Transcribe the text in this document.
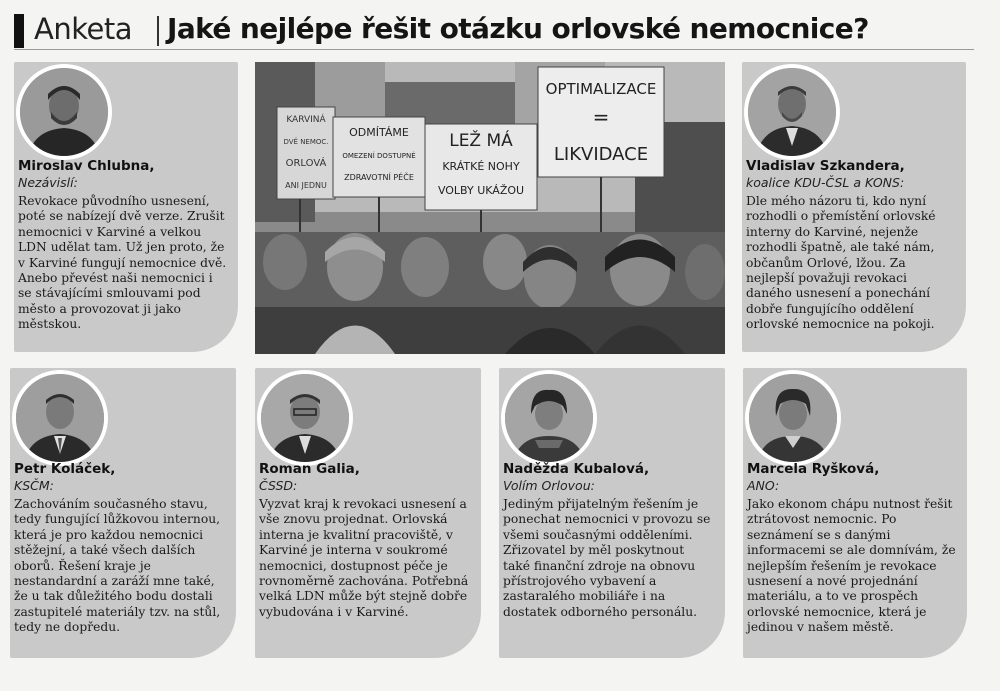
Anketa Jaké nejlépe řešit otázku orlovské nemocnice?
Miroslav Chlubna,
Nezávislí:

Revokace původního usnesení, poté se nabízejí dvě verze. Zrušit nemocnici v Karviné a velkou LDN udělat tam. Už jen proto, že v Karviné fungují nemocnice dvě. Anebo převést naši nemocnici i se stávajícími smlouvami pod město a provozovat ji jako městskou.

KARVINÁ
DVĚ NEMOC.
ORLOVÁ
ANI JEDNU
ODMÍTÁME
OMEZENÍ DOSTUPNÉ
ZDRAVOTNÍ PÉČE
LEŽ MÁ
KRÁTKÉ NOHY
VOLBY UKÁŽOU
OPTIMALIZACE
=
LIKVIDACE
Vladislav Szkandera,
koalice KDU-ČSL a KONS:

Dle mého názoru ti, kdo nyní rozhodli o přemístění orlovské interny do Karviné, nejenže rozhodli špatně, ale také nám, občanům Orlové, lžou. Za nejlepší považuji revokaci daného usnesení a ponechání dobře fungujícího oddělení orlovské nemocnice na pokoji.

Petr Koláček,
KSČM:

Zachováním současného stavu, tedy fungující lůžkovou internou, která je pro každou nemocnici stěžejní, a také všech dalších oborů. Řešení kraje je nestandardní a zaráží mne také, že u tak důležitého bodu dostali zastupitelé materiály tzv. na stůl, tedy ne dopředu.

Roman Galia,
ČSSD:

Vyzvat kraj k revokaci usnesení a vše znovu projednat. Orlovská interna je kvalitní pracoviště, v Karviné je interna v soukromé nemocnici, dostupnost péče je rovnoměrně zachována. Potřebná velká LDN může být stejně dobře vybudována i v Karviné.

Naděžda Kubalová,
Volím Orlovou:

Jediným přijatelným řešením je ponechat nemocnici v provozu se všemi současnými odděleními. Zřizovatel by měl poskytnout také finanční zdroje na obnovu přístrojového vybavení a zastaralého mobiliáře i na dostatek odborného personálu.

Marcela Ryšková,
ANO:

Jako ekonom chápu nutnost řešit ztrátovost nemocnic. Po seznámení se s danými informacemi se ale domnívám, že nejlepším řešením je revokace usnesení a nové projednání materiálu, a to ve prospěch orlovské nemocnice, která je jedinou v našem městě.
